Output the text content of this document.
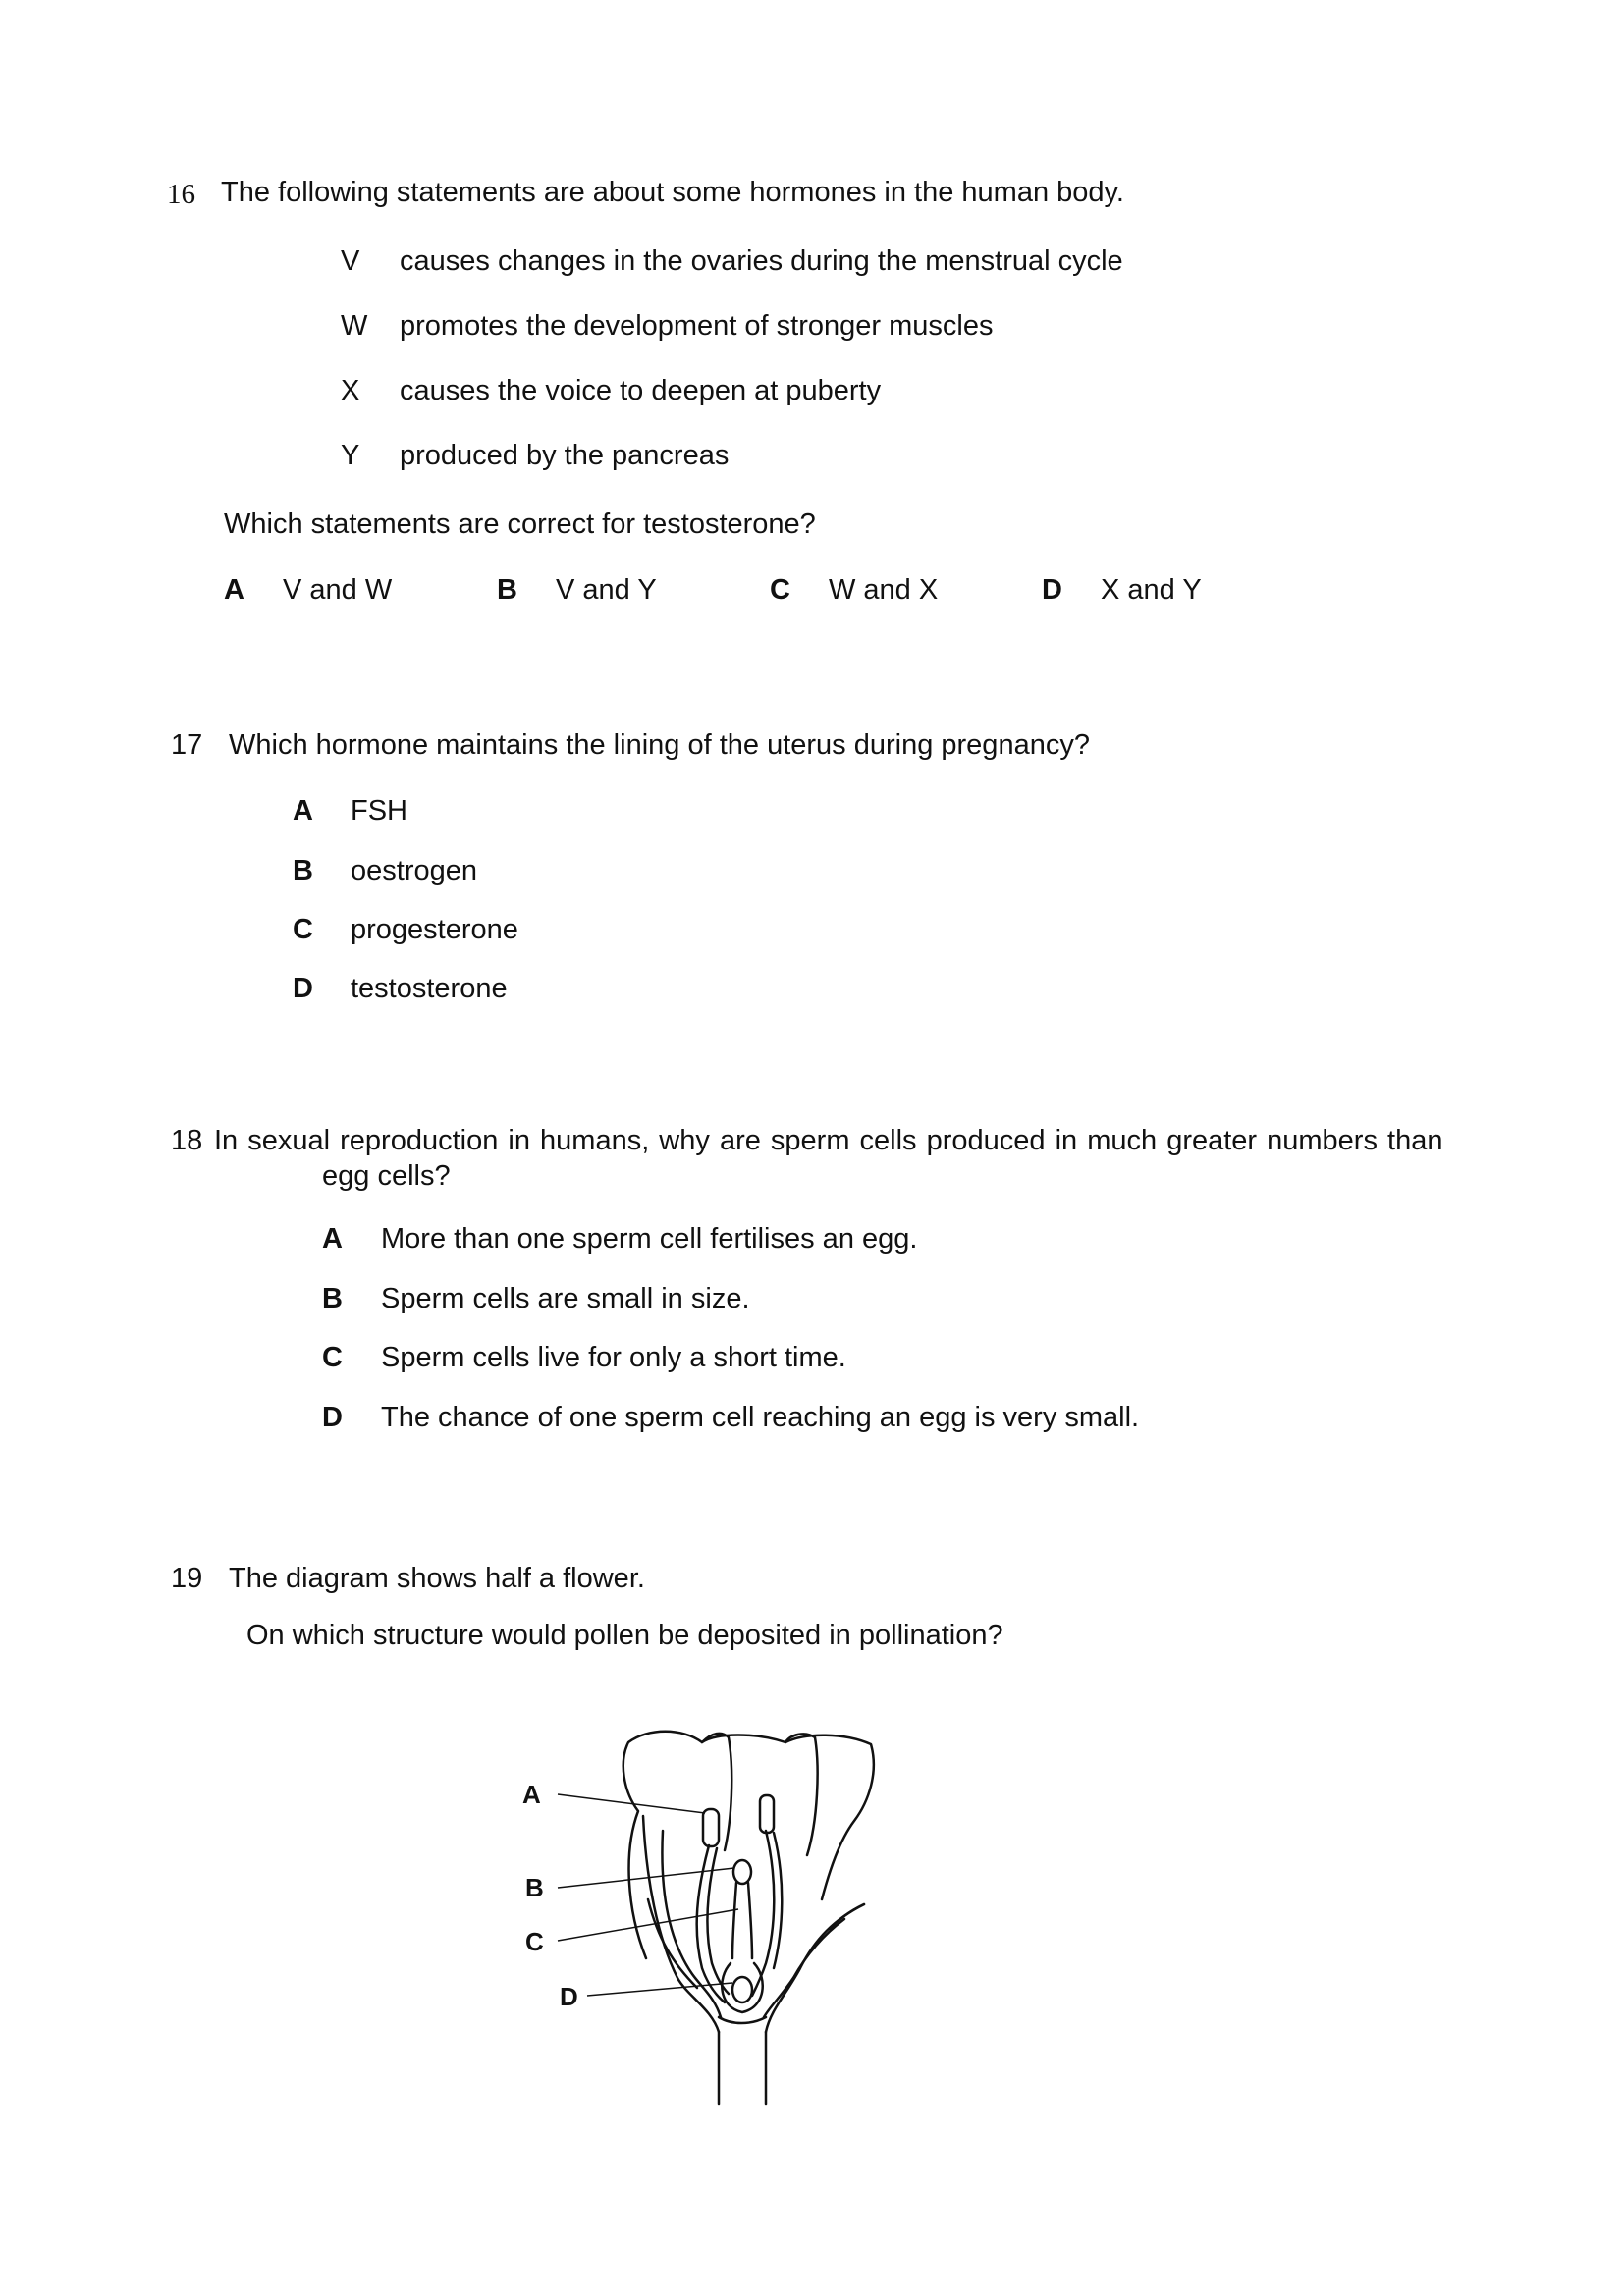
16 The following statements are about some hormones in the human body.
V causes changes in the ovaries during the menstrual cycle
W promotes the development of stronger muscles
X causes the voice to deepen at puberty
Y produced by the pancreas
Which statements are correct for testosterone?
A V and W	B V and Y	C W and X	D X and Y
17 Which hormone maintains the lining of the uterus during pregnancy?
A FSH
B oestrogen
C progesterone
D testosterone
18 In sexual reproduction in humans, why are sperm cells produced in much greater numbers than
egg cells?
A More than one sperm cell fertilises an egg.
B Sperm cells are small in size.
C Sperm cells live for only a short time.
D The chance of one sperm cell reaching an egg is very small.
19 The diagram shows half a flower.
On which structure would pollen be deposited in pollination?
A
B
C
D
